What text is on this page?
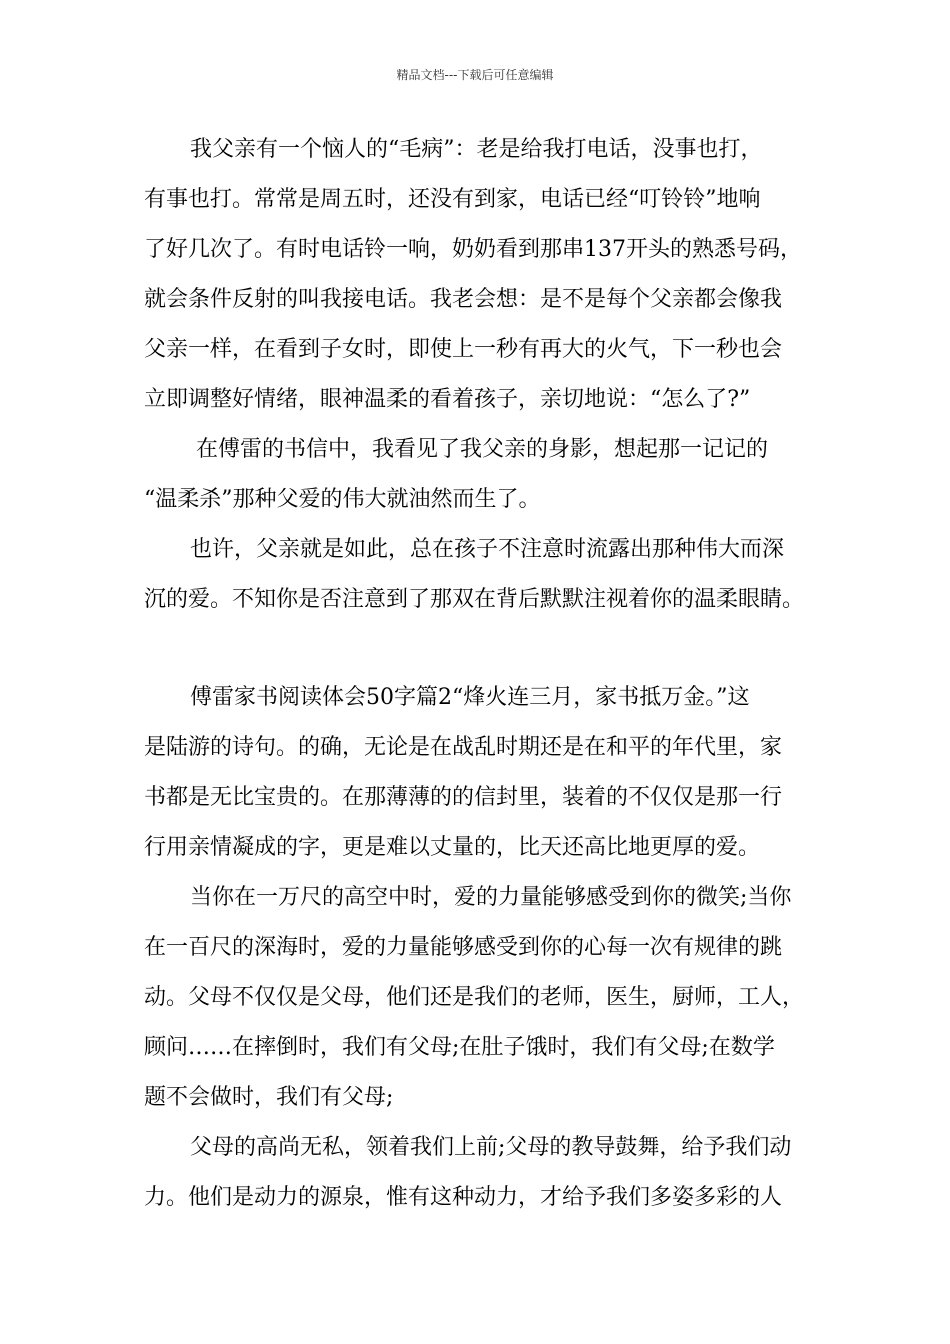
精品文档---下载后可任意编辑
我父亲有一个恼人的“毛病”：老是给我打电话，没事也打，
有事也打。常常是周五时，还没有到家，电话已经“叮铃铃”地响
了好几次了。有时电话铃一响，奶奶看到那串137开头的熟悉号码，
就会条件反射的叫我接电话。我老会想：是不是每个父亲都会像我
父亲一样，在看到子女时，即使上一秒有再大的火气，下一秒也会
立即调整好情绪，眼神温柔的看着孩子，亲切地说：“怎么了?”
在傅雷的书信中，我看见了我父亲的身影，想起那一记记的
“温柔杀”那种父爱的伟大就油然而生了。
也许，父亲就是如此，总在孩子不注意时流露出那种伟大而深
沉的爱。不知你是否注意到了那双在背后默默注视着你的温柔眼睛。
傅雷家书阅读体会50字篇2“烽火连三月，家书抵万金。”这
是陆游的诗句。的确，无论是在战乱时期还是在和平的年代里，家
书都是无比宝贵的。在那薄薄的的信封里，装着的不仅仅是那一行
行用亲情凝成的字，更是难以丈量的，比天还高比地更厚的爱。
当你在一万尺的高空中时，爱的力量能够感受到你的微笑;当你
在一百尺的深海时，爱的力量能够感受到你的心每一次有规律的跳
动。父母不仅仅是父母，他们还是我们的老师，医生，厨师，工人，
顾问……在摔倒时，我们有父母;在肚子饿时，我们有父母;在数学
题不会做时，我们有父母;
父母的高尚无私，领着我们上前;父母的教导鼓舞，给予我们动
力。他们是动力的源泉，惟有这种动力，才给予我们多姿多彩的人
